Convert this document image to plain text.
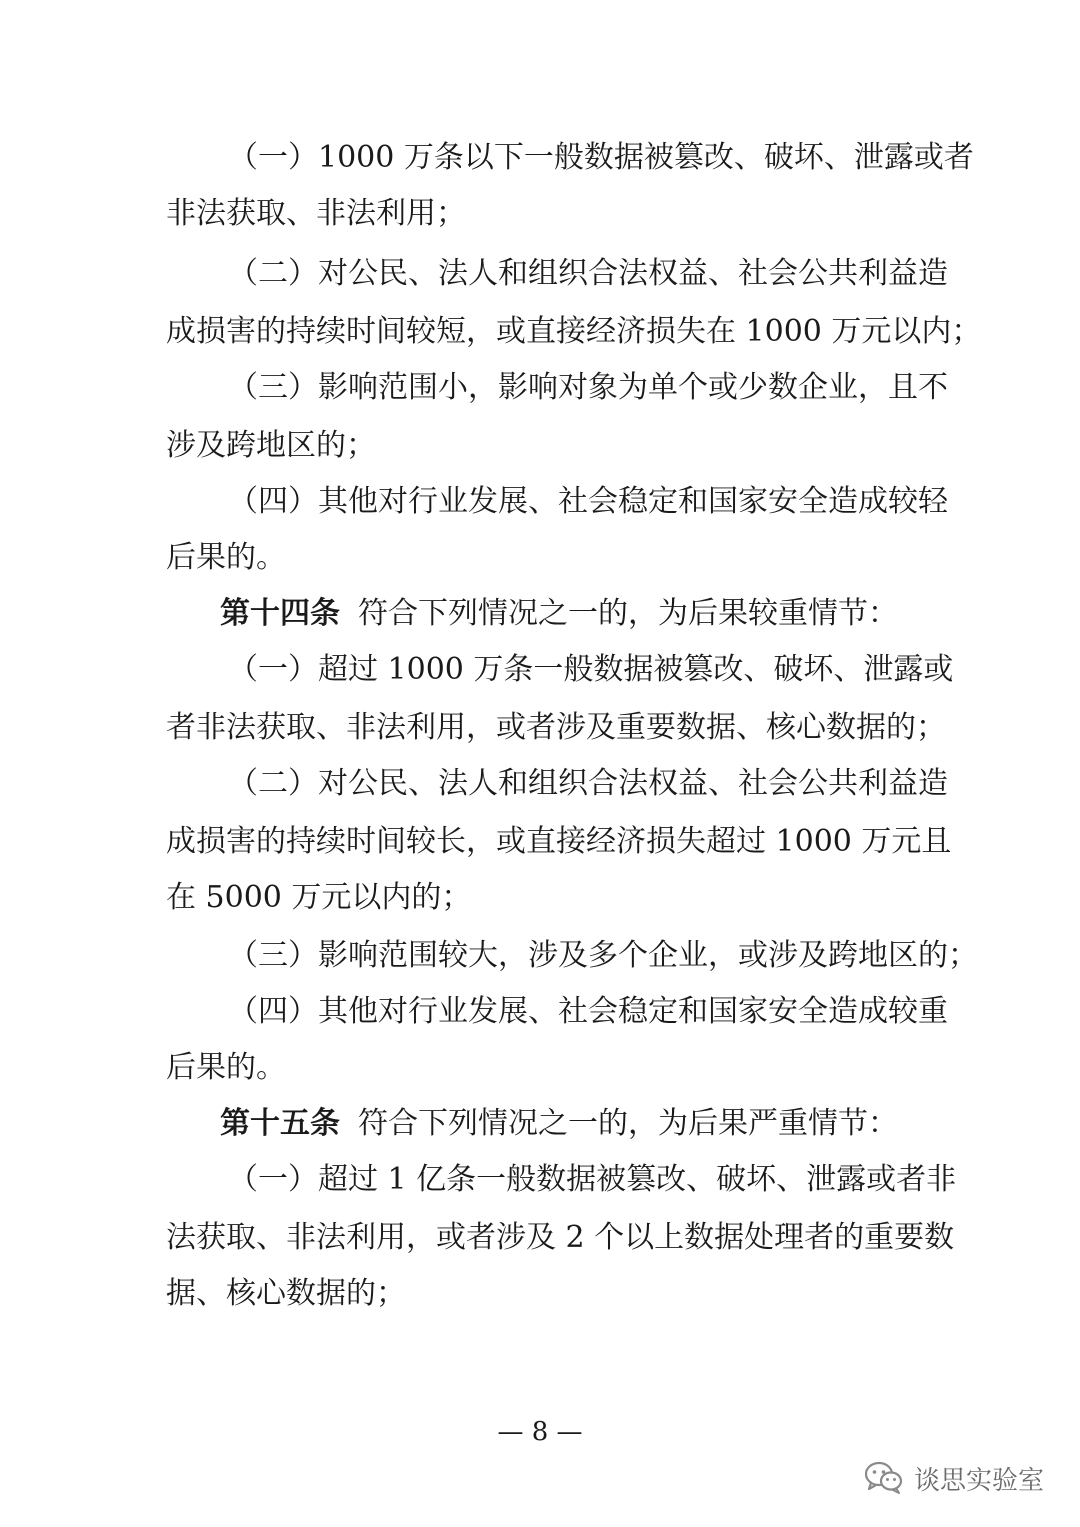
（一）1000 万条以下一般数据被篡改、破坏、泄露或者
非法获取、非法利用；
（二）对公民、法人和组织合法权益、社会公共利益造
成损害的持续时间较短，或直接经济损失在 1000 万元以内；
（三）影响范围小，影响对象为单个或少数企业，且不
涉及跨地区的；
（四）其他对行业发展、社会稳定和国家安全造成较轻
后果的。
第十四条 符合下列情况之一的，为后果较重情节：
（一）超过 1000 万条一般数据被篡改、破坏、泄露或
者非法获取、非法利用，或者涉及重要数据、核心数据的；
（二）对公民、法人和组织合法权益、社会公共利益造
成损害的持续时间较长，或直接经济损失超过 1000 万元且
在 5000 万元以内的；
（三）影响范围较大，涉及多个企业，或涉及跨地区的；
（四）其他对行业发展、社会稳定和国家安全造成较重
后果的。
第十五条 符合下列情况之一的，为后果严重情节：
（一）超过 1 亿条一般数据被篡改、破坏、泄露或者非
法获取、非法利用，或者涉及 2 个以上数据处理者的重要数
据、核心数据的；
— 8 —
谈思实验室
